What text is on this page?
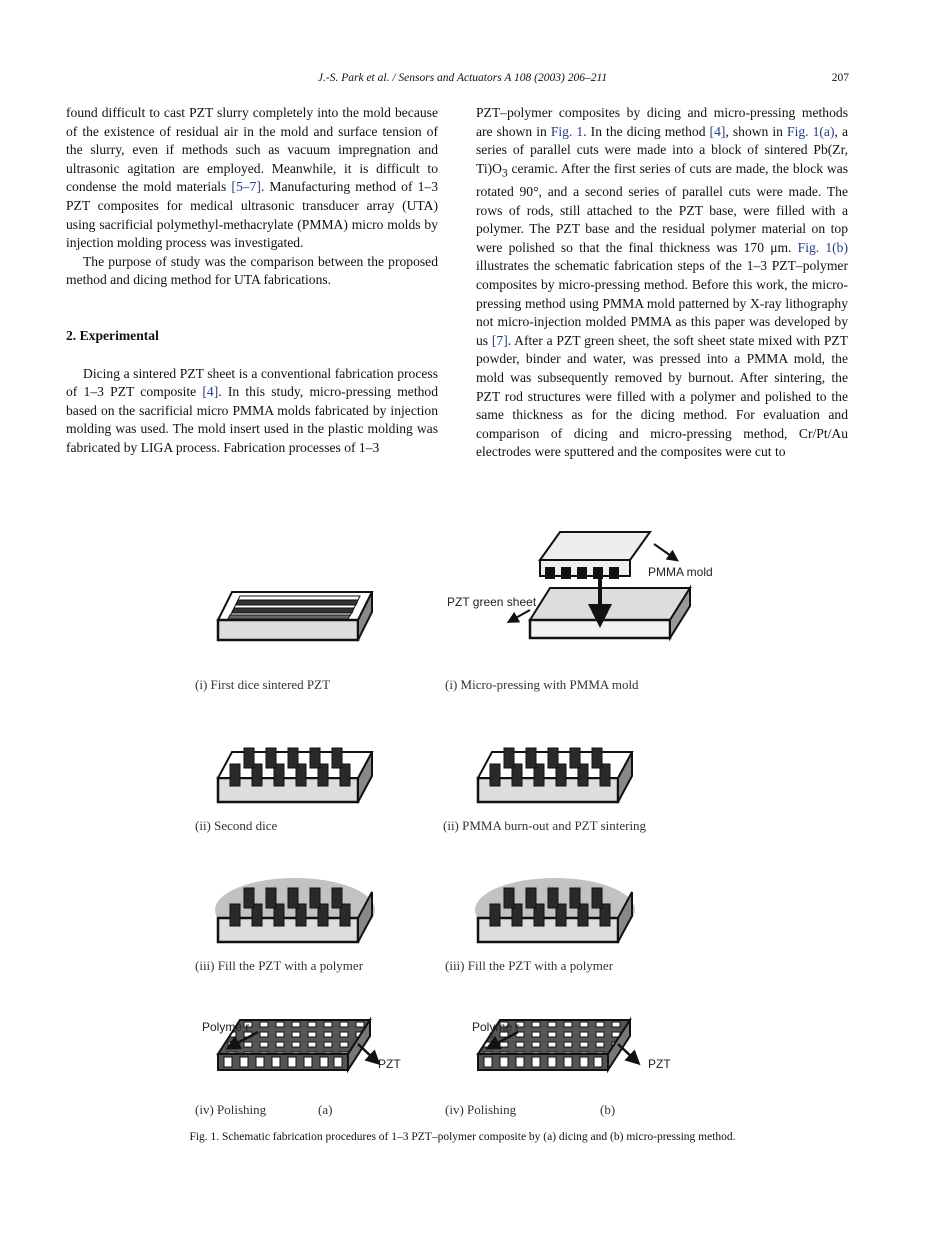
J.-S. Park et al. / Sensors and Actuators A 108 (2003) 206–211	207

found difficult to cast PZT slurry completely into the mold because of the existence of residual air in the mold and surface tension of the slurry, even if methods such as vacuum impregnation and ultrasonic agitation are employed. Meanwhile, it is difficult to condense the mold materials [5–7]. Manufacturing method of 1–3 PZT composites for medical ultrasonic transducer array (UTA) using sacrificial polymethyl-methacrylate (PMMA) micro molds by injection molding process was investigated.

The purpose of study was the comparison between the proposed method and dicing method for UTA fabrications.

2. Experimental

Dicing a sintered PZT sheet is a conventional fabrication process of 1–3 PZT composite [4]. In this study, micro-pressing method based on the sacrificial micro PMMA molds fabricated by injection molding was used. The mold insert used in the plastic molding was fabricated by LIGA process. Fabrication processes of 1–3

PZT–polymer composites by dicing and micro-pressing methods are shown in Fig. 1. In the dicing method [4], shown in Fig. 1(a), a series of parallel cuts were made into a block of sintered Pb(Zr, $Ti)O_3$ ceramic. After the first series of cuts are made, the block was rotated 90°, and a second series of parallel cuts were made. The rows of rods, still attached to the PZT base, were filled with a polymer. The PZT base and the residual polymer material on top were polished so that the final thickness was 170 μm. Fig. 1(b) illustrates the schematic fabrication steps of the 1–3 PZT–polymer composites by micro-pressing method. Before this work, the micro-pressing method using PMMA mold patterned by X-ray lithography not micro-injection molded PMMA as this paper was developed by us [7]. After a PZT green sheet, the soft sheet state mixed with PZT powder, binder and water, was pressed into a PMMA mold, the mold was subsequently removed by burnout. After sintering, the PZT rod structures were filled with a polymer and polished to the same thickness as for the dicing method. For evaluation and comparison of dicing and micro-pressing method, Cr/Pt/Au electrodes were sputtered and the composites were cut to

Polyme r
PZT
PMMA mold
PZT green sheet
Polyme r
PZT
(i) First dice sintered PZT
(ii) Second dice
(iii) Fill the PZT with a polymer
(iv) Polishing	(a)
(i) Micro-pressing with PMMA mold
(ii) PMMA burn-out and PZT sintering
(iii) Fill the PZT with a polymer
(iv) Polishing	(b)
Fig. 1. Schematic fabrication procedures of 1–3 PZT–polymer composite by (a) dicing and (b) micro-pressing method.
